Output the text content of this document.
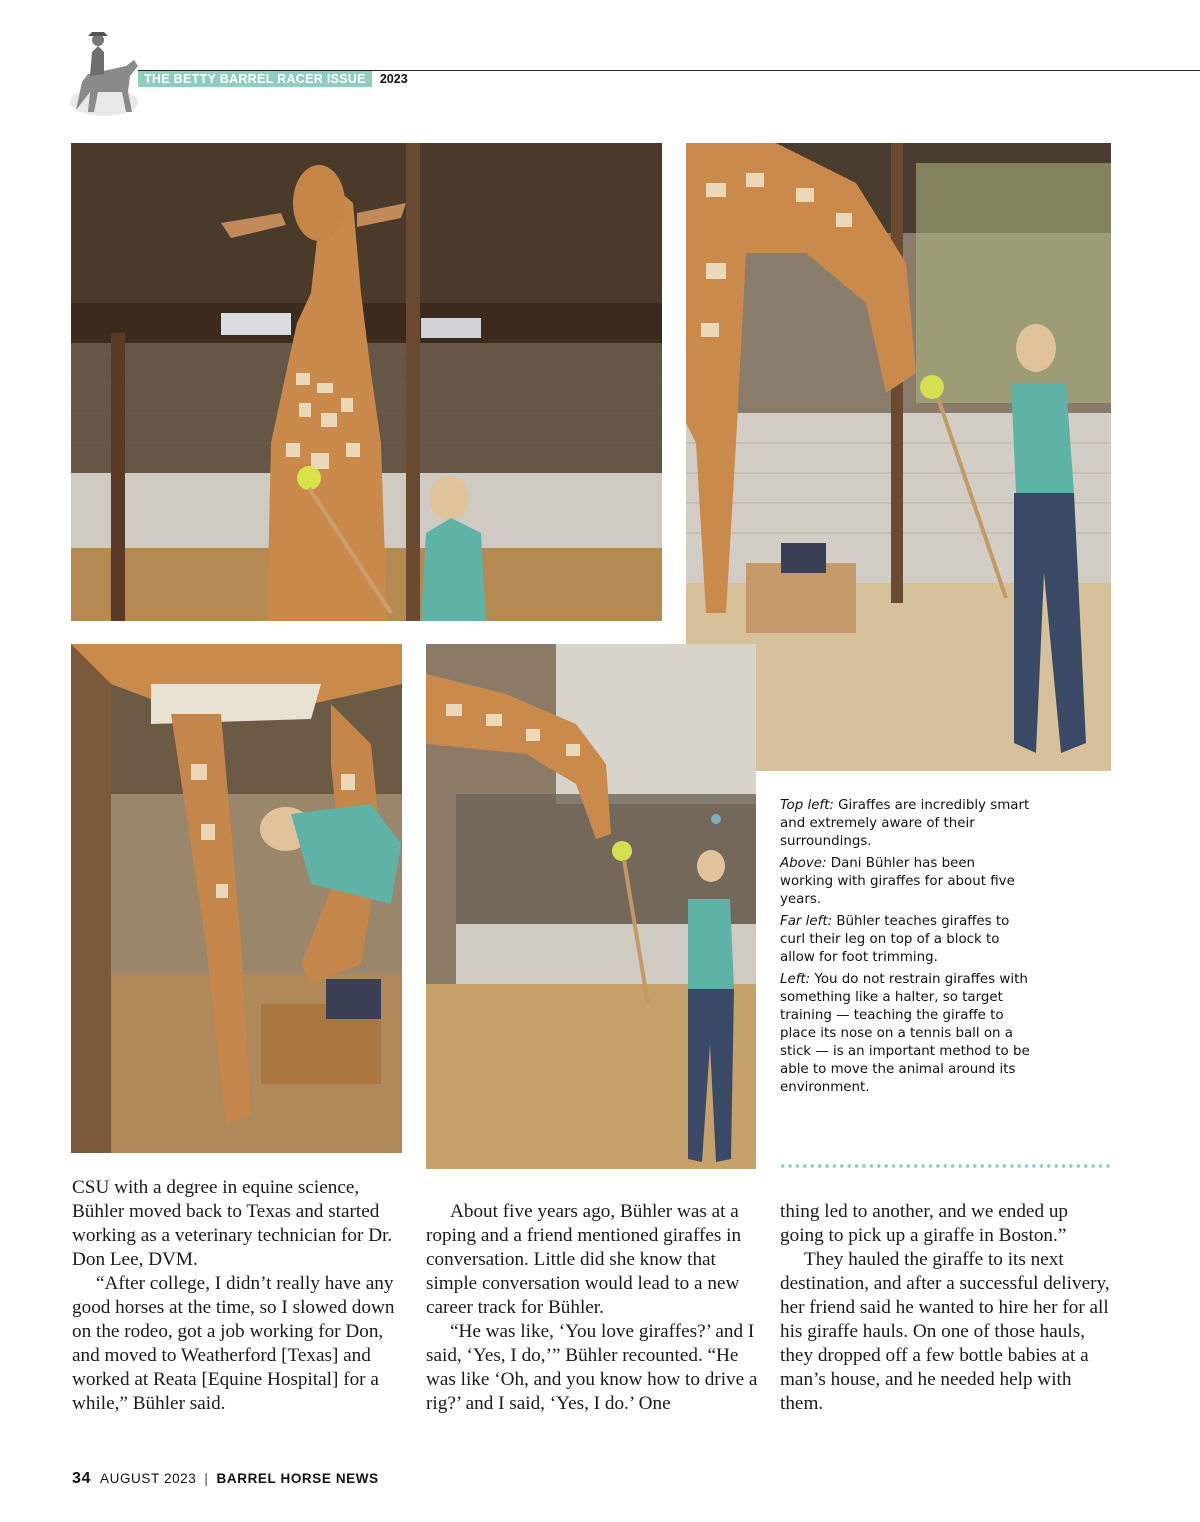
THE BETTY BARREL RACER ISSUE	2023

Top left: Giraffes are incredibly smart and extremely aware of their surroundings.

Above: Dani Bühler has been working with giraffes for about five years.

Far left: Bühler teaches giraffes to curl their leg on top of a block to allow for foot trimming.

Left: You do not restrain giraffes with something like a halter, so target training — teaching the giraffe to place its nose on a tennis ball on a stick — is an important method to be able to move the animal around its environment.

CSU with a degree in equine science, Bühler moved back to Texas and started working as a veterinary technician for Dr. Don Lee, DVM.

“After college, I didn’t really have any good horses at the time, so I slowed down on the rodeo, got a job working for Don, and moved to Weatherford [Texas] and worked at Reata [Equine Hospital] for a while,” Bühler said.

About five years ago, Bühler was at a roping and a friend mentioned giraffes in conversation. Little did she know that simple conversation would lead to a new career track for Bühler.

“He was like, ‘You love giraffes?’ and I said, ‘Yes, I do,’” Bühler recounted. “He was like ‘Oh, and you know how to drive a rig?’ and I said, ‘Yes, I do.’ One

thing led to another, and we ended up going to pick up a giraffe in Boston.”

They hauled the giraffe to its next destination, and after a successful delivery, her friend said he wanted to hire her for all his giraffe hauls. On one of those hauls, they dropped off a few bottle babies at a man’s house, and he needed help with them.

34 AUGUST 2023 | BARREL HORSE NEWS
